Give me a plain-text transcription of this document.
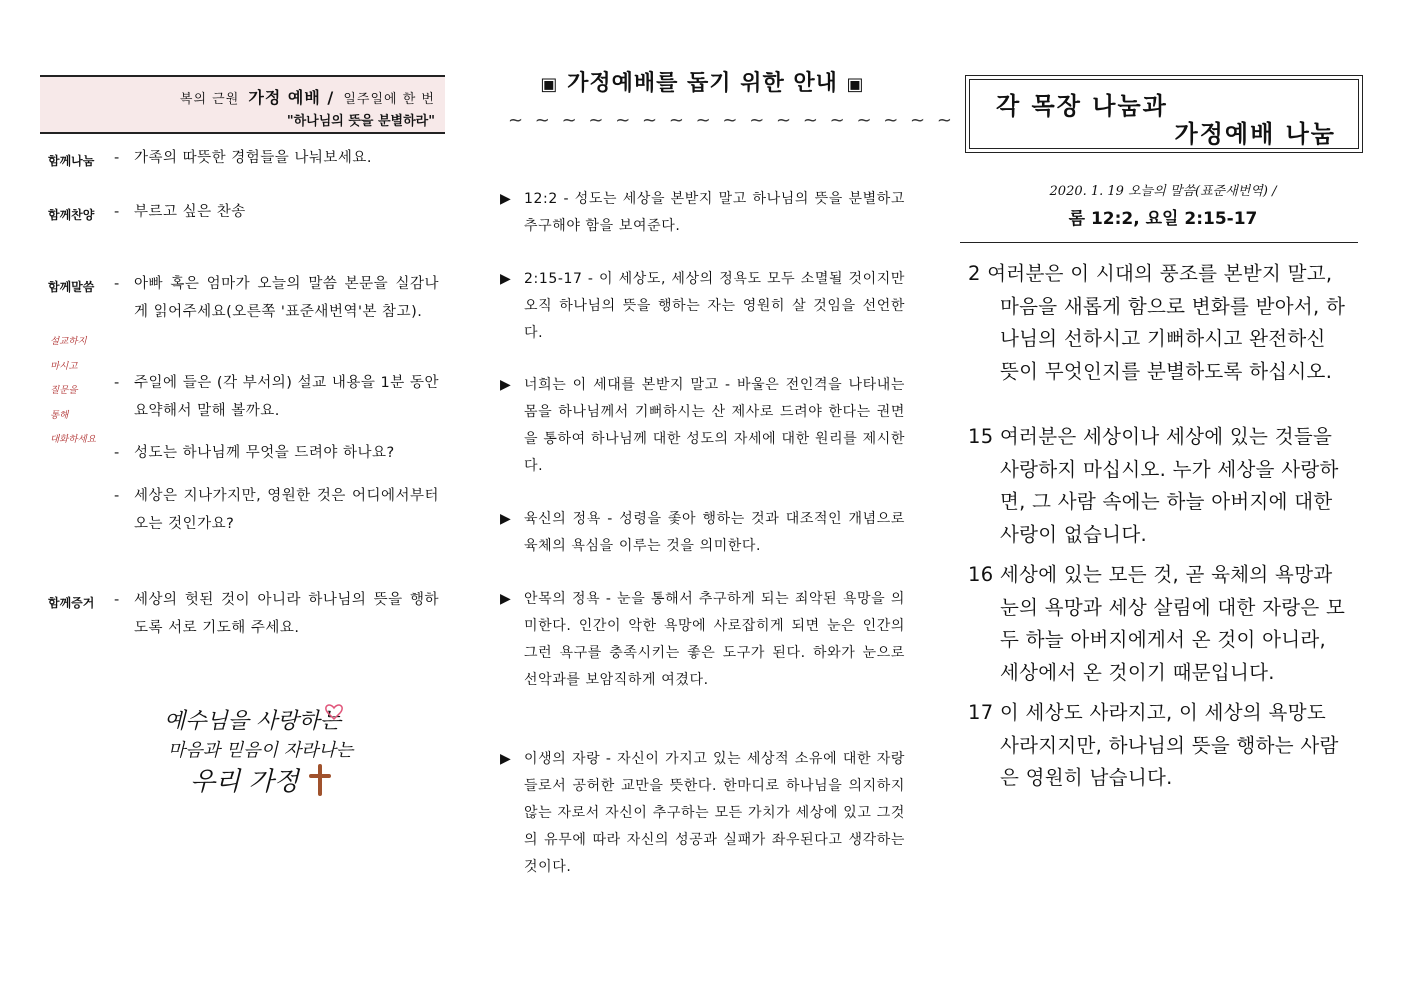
복의 근원 가정 예배 / 일주일에 한 번
"하나님의 뜻을 분별하라"
함께나눔 - 가족의 따뜻한 경험들을 나눠보세요.
함께찬양 - 부르고 싶은 찬송
함께말씀 - 아빠 혹은 엄마가 오늘의 말씀 본문을 실감나게 읽어주세요(오른쪽 '표준새번역'본 참고).
- 주일에 들은 (각 부서의) 설교 내용을 1분 동안 요약해서 말해 볼까요.
- 성도는 하나님께 무엇을 드려야 하나요?
- 세상은 지나가지만, 영원한 것은 어디에서부터 오는 것인가요?
설교하지
마시고
질문을
통해
대화하세요
함께증거 - 세상의 헛된 것이 아니라 하나님의 뜻을 행하도록 서로 기도해 주세요.
예수님을 사랑하는
마음과 믿음이 자라나는
우리 가정
▣ 가정예배를 돕기 위한 안내 ▣
~ ~ ~ ~ ~ ~ ~ ~ ~ ~ ~ ~ ~ ~ ~ ~ ~
▶ 12:2 - 성도는 세상을 본받지 말고 하나님의 뜻을 분별하고 추구해야 함을 보여준다.
▶ 2:15-17 - 이 세상도, 세상의 정욕도 모두 소멸될 것이지만 오직 하나님의 뜻을 행하는 자는 영원히 살 것임을 선언한다.
▶ 너희는 이 세대를 본받지 말고 - 바울은 전인격을 나타내는 몸을 하나님께서 기뻐하시는 산 제사로 드려야 한다는 권면을 통하여 하나님께 대한 성도의 자세에 대한 원리를 제시한다.
▶ 육신의 정욕 - 성령을 좇아 행하는 것과 대조적인 개념으로 육체의 욕심을 이루는 것을 의미한다.
▶ 안목의 정욕 - 눈을 통해서 추구하게 되는 죄악된 욕망을 의미한다. 인간이 악한 욕망에 사로잡히게 되면 눈은 인간의 그런 욕구를 충족시키는 좋은 도구가 된다. 하와가 눈으로 선악과를 보암직하게 여겼다.
▶ 이생의 자랑 - 자신이 가지고 있는 세상적 소유에 대한 자랑들로서 공허한 교만을 뜻한다. 한마디로 하나님을 의지하지 않는 자로서 자신이 추구하는 모든 가치가 세상에 있고 그것의 유무에 따라 자신의 성공과 실패가 좌우된다고 생각하는 것이다.
각 목장 나눔과
가정예배 나눔
2020. 1. 19 오늘의 말씀(표준새번역) /
롬 12:2, 요일 2:15-17
2 여러분은 이 시대의 풍조를 본받지 말고, 마음을 새롭게 함으로 변화를 받아서, 하나님의 선하시고 기뻐하시고 완전하신 뜻이 무엇인지를 분별하도록 하십시오.
15 여러분은 세상이나 세상에 있는 것들을 사랑하지 마십시오. 누가 세상을 사랑하면, 그 사람 속에는 하늘 아버지에 대한 사랑이 없습니다.
16 세상에 있는 모든 것, 곧 육체의 욕망과 눈의 욕망과 세상 살림에 대한 자랑은 모두 하늘 아버지에게서 온 것이 아니라, 세상에서 온 것이기 때문입니다.
17 이 세상도 사라지고, 이 세상의 욕망도 사라지지만, 하나님의 뜻을 행하는 사람은 영원히 남습니다.
